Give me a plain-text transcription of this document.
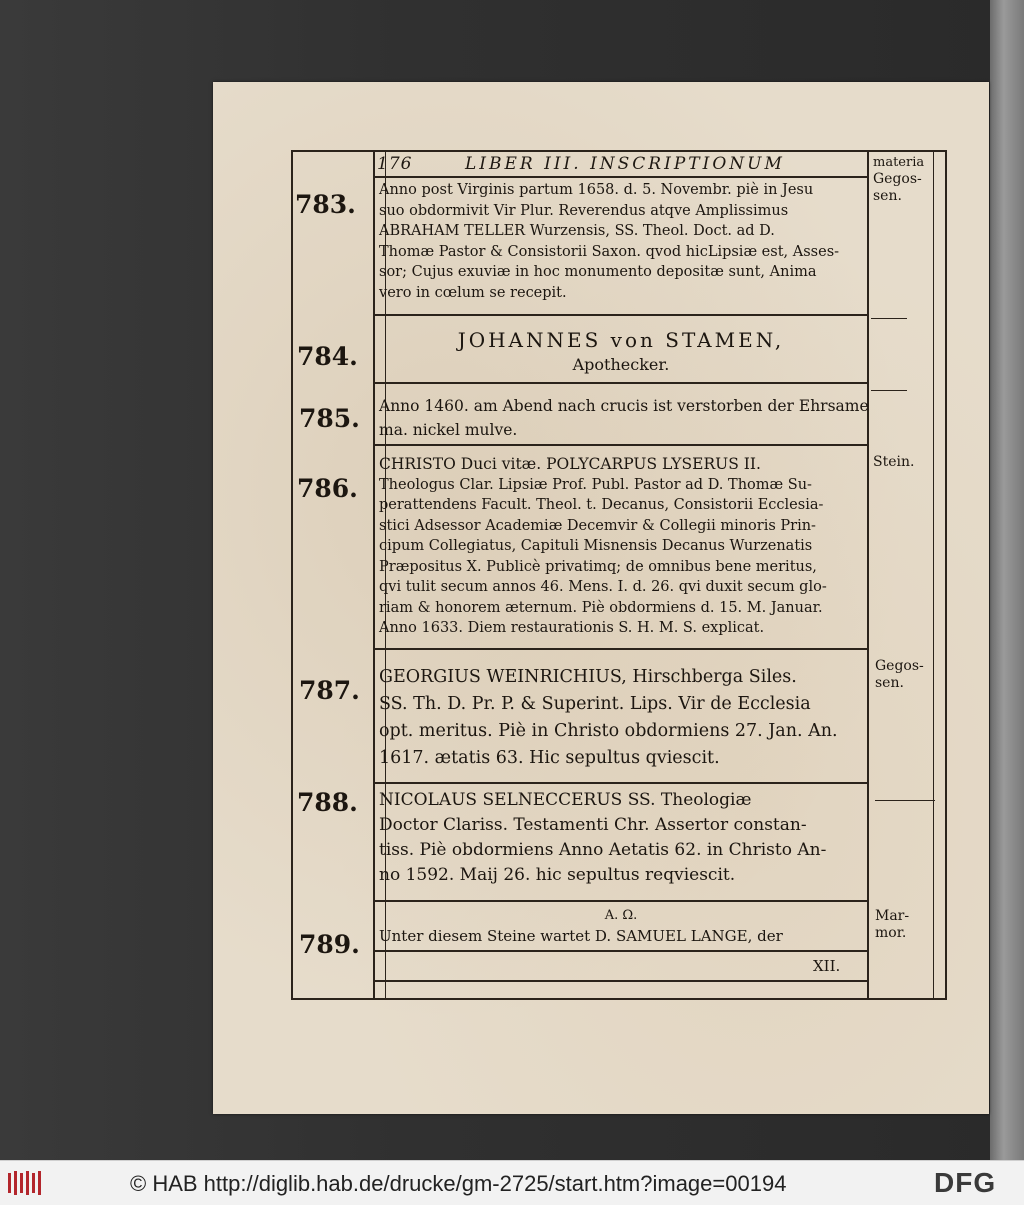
176	LIBER III. INSCRIPTIONUM
783. Anno post Virginis partum 1658. d. 5. Novembr. piè in Jesu
suo obdormivit Vir Plur. Reverendus atqve Amplissimus
ABRAHAM TELLER Wurzensis, SS. Theol. Doct. ad D.
Thomæ Pastor & Consistorii Saxon. qvod hicLipsiæ est, Asses-
sor; Cujus exuviæ in hoc monumento depositæ sunt, Anima
vero in cœlum se recepit.
784.
JOHANNES von STAMEN,
Apothecker.
785. Anno 1460. am Abend nach crucis ist verstorben der Ehrsame
ma. nickel mulve.
786.
CHRISTO Duci vitæ. POLYCARPUS LYSERUS II.
Theologus Clar. Lipsiæ Prof. Publ. Pastor ad D. Thomæ Su-
perattendens Facult. Theol. t. Decanus, Consistorii Ecclesia-
stici Adsessor Academiæ Decemvir & Collegii minoris Prin-
cipum Collegiatus, Capituli Misnensis Decanus Wurzenatis
Præpositus X. Publicè privatimq; de omnibus bene meritus,
qvi tulit secum annos 46. Mens. I. d. 26. qvi duxit secum glo-
riam & honorem æternum. Piè obdormiens d. 15. M. Januar.
Anno 1633. Diem restaurationis S. H. M. S. explicat.
787. GEORGIUS WEINRICHIUS, Hirschberga Siles.
SS. Th. D. Pr. P. & Superint. Lips. Vir de Ecclesia
opt. meritus. Piè in Christo obdormiens 27. Jan. An.
1617. ætatis 63. Hic sepultus qviescit.
788. NICOLAUS SELNECCERUS SS. Theologiæ
Doctor Clariss. Testamenti Chr. Assertor constan-
tiss. Piè obdormiens Anno Aetatis 62. in Christo An-
no 1592. Maij 26. hic sepultus reqviescit.
789.
A. Ω.
Unter diesem Steine wartet D. SAMUEL LANGE, der
XII.
materia
Gegos-
sen.
Stein.
Gegos-
sen.
Mar-
mor.
© HAB http://diglib.hab.de/drucke/gm-2725/start.htm?image=00194	DFG
